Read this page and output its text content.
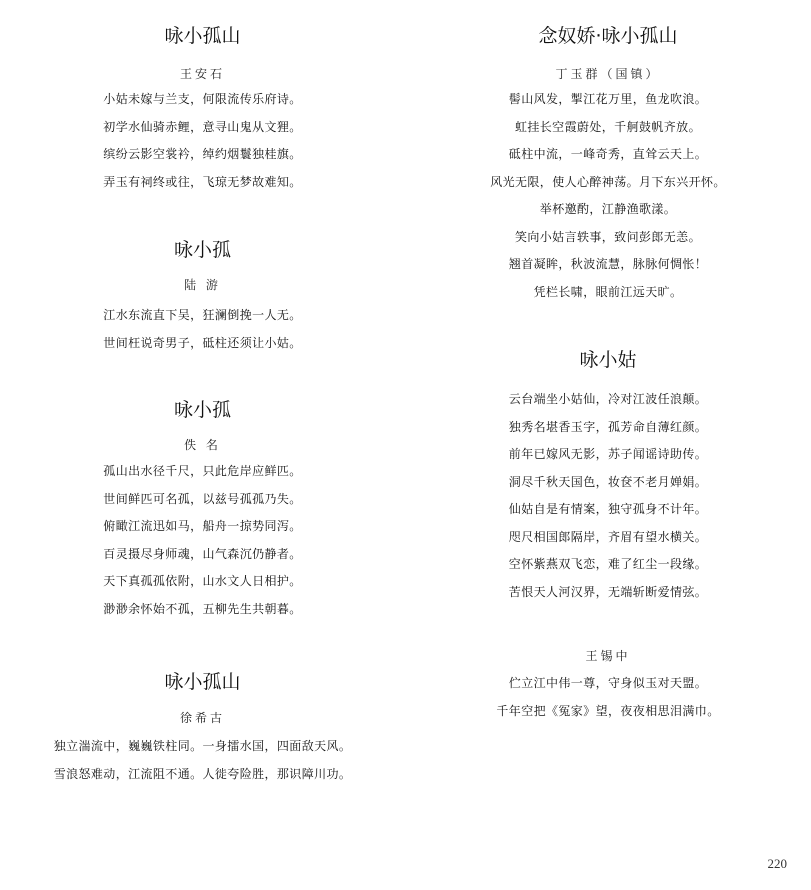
咏小孤山
王安石
小姑未嫁与兰支，何限流传乐府诗。
初学水仙骑赤鲤，意寻山鬼从文狸。
缤纷云影空裳衿，绰约烟鬟独桂旗。
弄玉有祠终或往，飞琼无梦故难知。
咏小孤
陆 游
江水东流直下吴，狂澜倒挽一人无。
世间枉说奇男子，砥柱还须让小姑。
咏小孤
佚 名
孤山出水径千尺，只此危岸应鲜匹。
世间鲜匹可名孤，以兹号孤孤乃失。
俯瞰江流迅如马，船舟一掠势同泻。
百灵摄尽身师魂，山气森沉仍静者。
天下真孤孤依附，山水文人日相护。
渺渺余怀始不孤，五柳先生共朝暮。
咏小孤山
徐希古
独立湍流中，巍巍铁柱同。一身擂水国，四面敌天风。
雪浪怒难动，江流阻不通。人徙夸险胜，那识障川功。
念奴娇·咏小孤山
丁玉群（国镇）
髻山风发，掣江花万里，鱼龙吹浪。
虹挂长空霞蔚处，千舸鼓帆齐放。
砥柱中流，一峰奇秀，直耸云天上。
风光无限，使人心醉神荡。月下东兴开怀。
举杯邀酌，江静渔歌漾。
笑向小姑言轶事，致问彭郎无恙。
翘首凝眸，秋波流慧，脉脉何惆怅！
凭栏长啸，眼前江远天旷。
咏小姑
云台端坐小姑仙，冷对江波任浪颠。
独秀名堪香玉字，孤芳命自薄红颜。
前年已嫁风无影，苏子闻谣诗助传。
洞尽千秋天国色，妆奁不老月婵娟。
仙姑自是有情案，独守孤身不计年。
咫尺相国郎隔岸，齐眉有望水横关。
空怀紫燕双飞恋，难了红尘一段缘。
苦恨天人河汉界，无端斩断爱情弦。
王锡中
伫立江中伟一尊，守身似玉对天盟。
千年空把《冤家》望，夜夜相思泪满巾。
220
